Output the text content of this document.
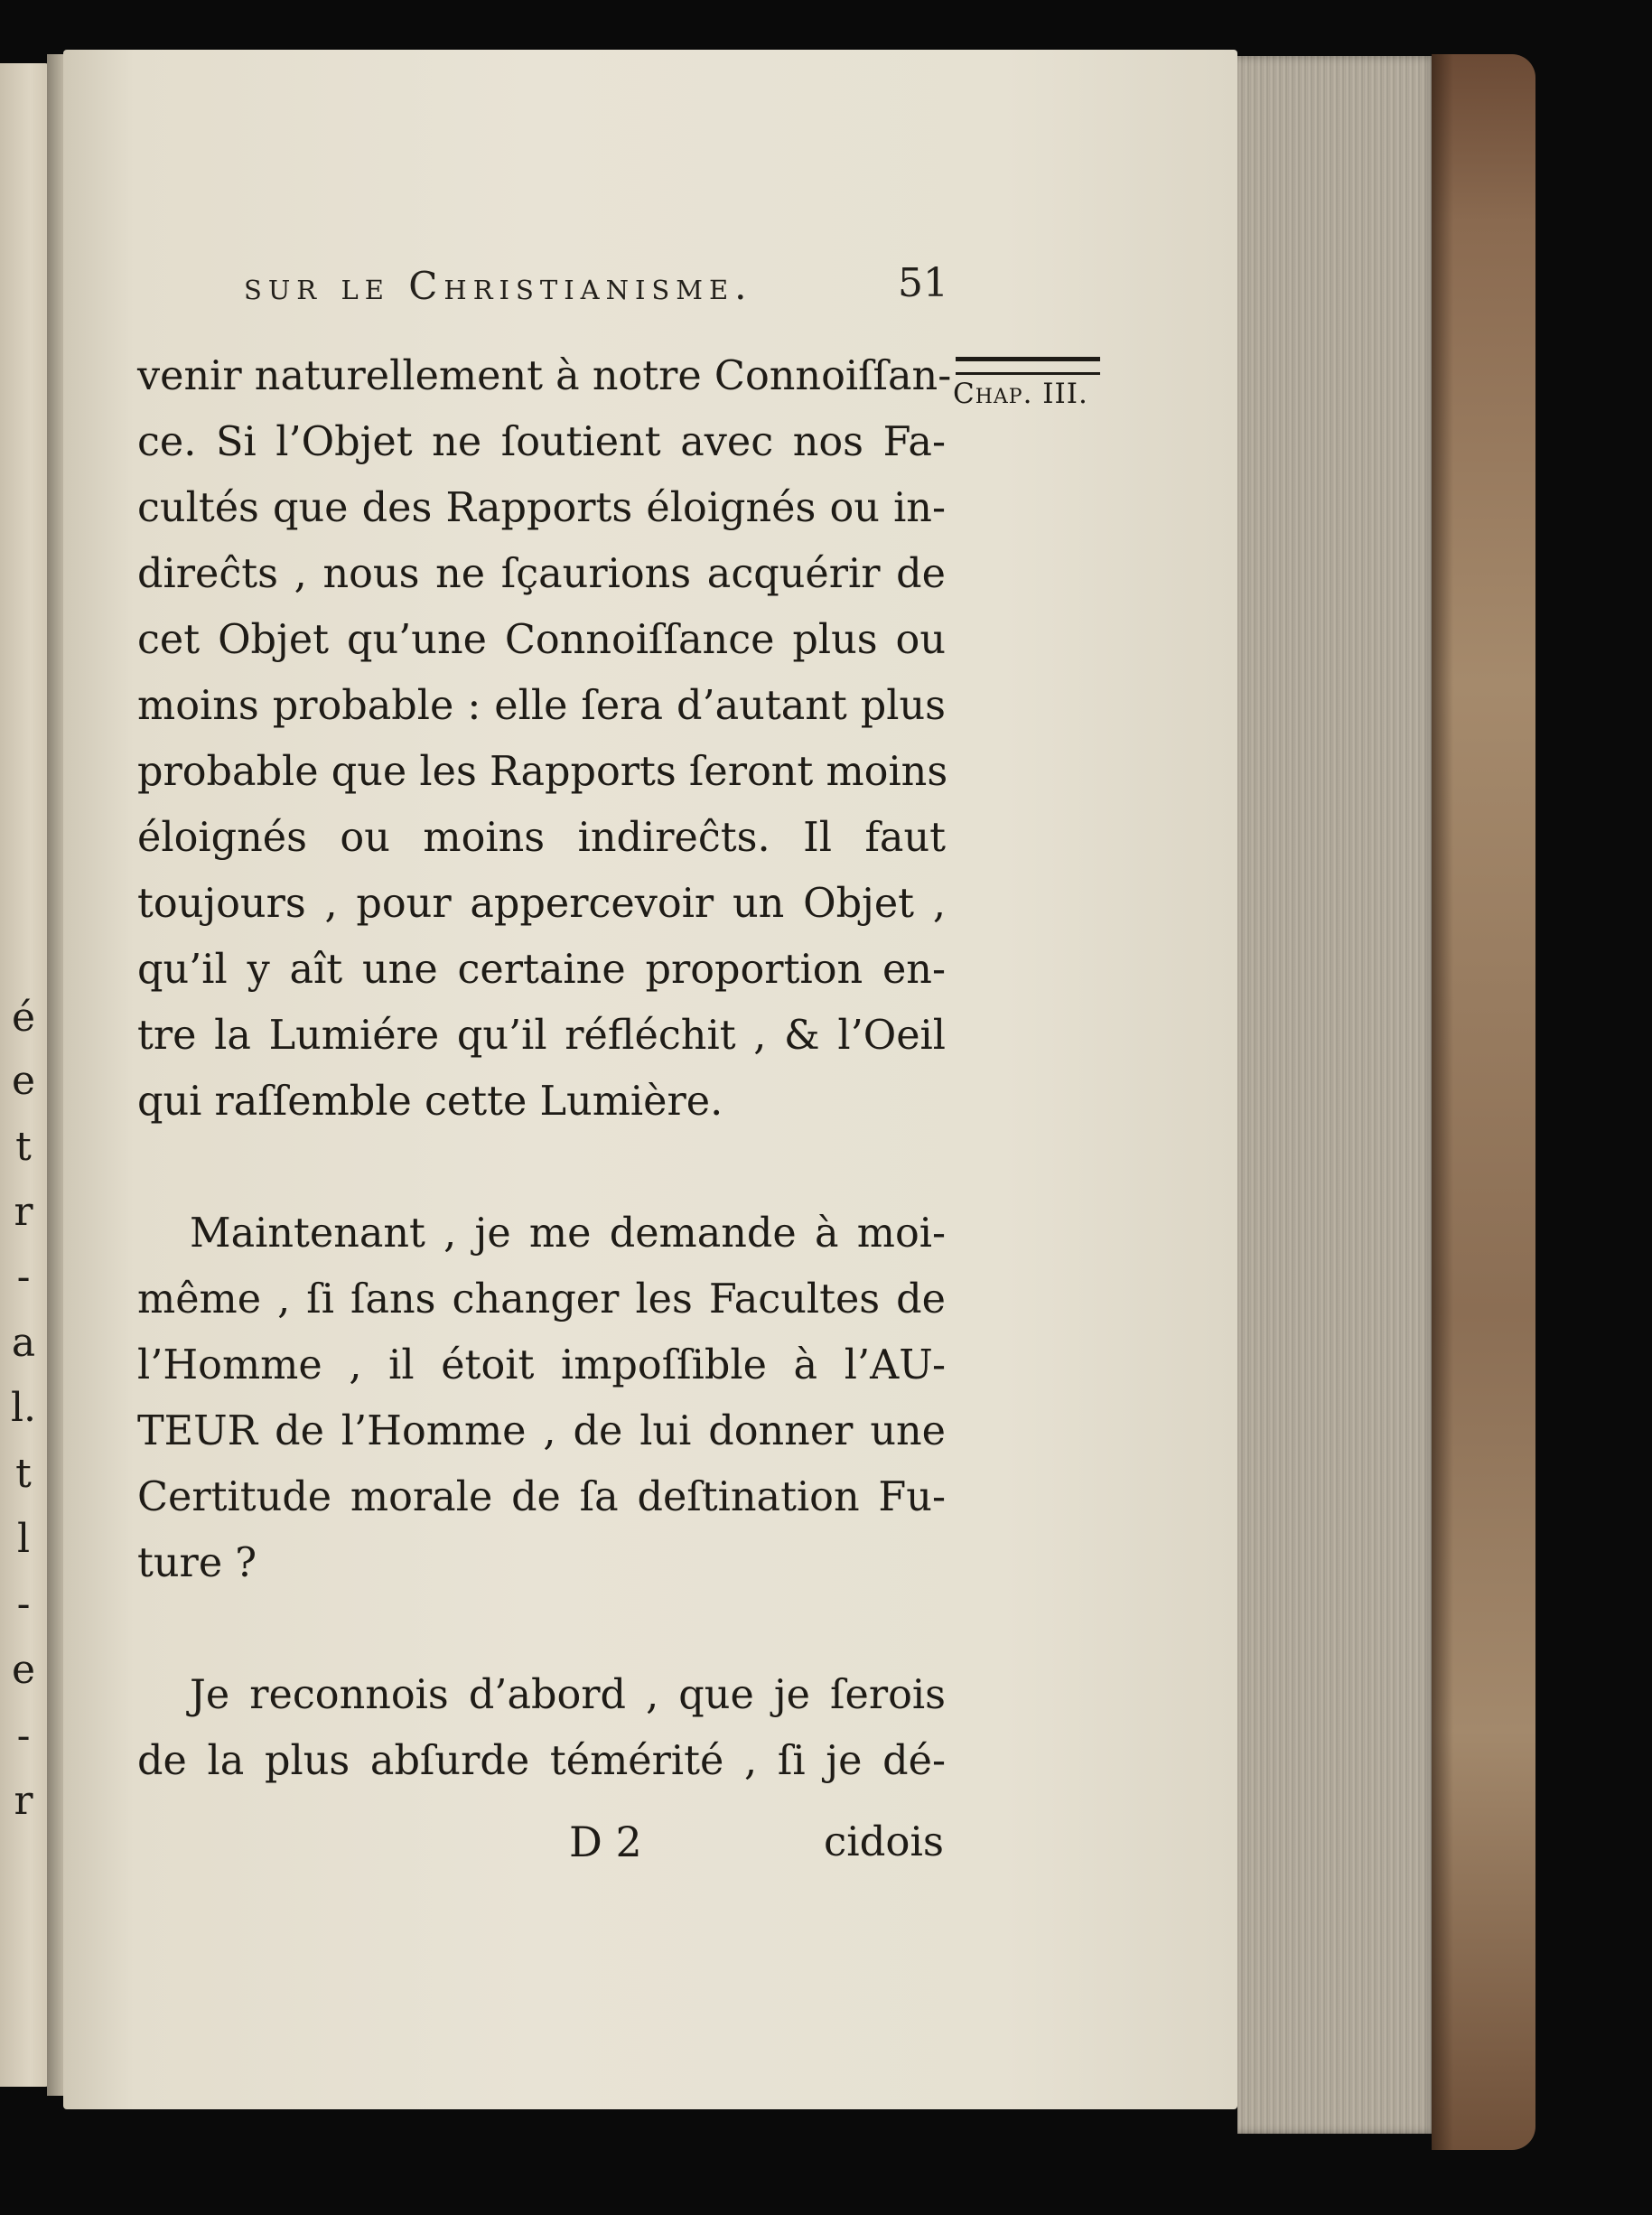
é
e
t
r
-
a
l.
t
l
-
e
-
r
sur le Christianisme.	51
Chap. III.
venir naturellement à notre Connoiſſan-
ce. Si l’Objet ne ſoutient avec nos Fa-
cultés que des Rapports éloignés ou in-
direĉts , nous ne ſçaurions acquérir de
cet Objet qu’une Connoiſſance plus ou
moins probable : elle ſera d’autant plus
probable que les Rapports ſeront moins
éloignés ou moins indireĉts. Il faut
toujours , pour appercevoir un Objet ,
qu’il y aît une certaine proportion en-
tre la Lumiére qu’il réfléchit , & l’Oeil
qui raſſemble cette Lumière.
Maintenant , je me demande à moi-
même , ſi ſans changer les Facultes de
l’Homme , il étoit impoſſible à l’AU-
TEUR de l’Homme , de lui donner une
Certitude morale de ſa deſtination Fu-
ture ?
Je reconnois d’abord , que je ſerois
de la plus abſurde témérité , ſi je dé-
D 2	cidois
